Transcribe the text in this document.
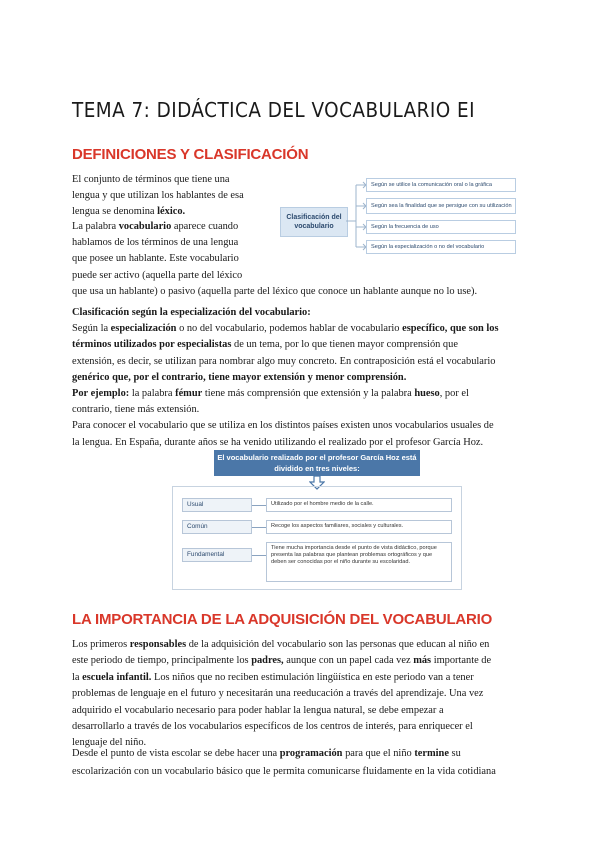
TEMA 7: DIDÁCTICA DEL VOCABULARIO EI
DEFINICIONES Y CLASIFICACIÓN

El conjunto de términos que tiene una
lengua y que utilizan los hablantes de esa
lengua se denomina léxico.

La palabra vocabulario aparece cuando
hablamos de los términos de una lengua
que posee un hablante. Este vocabulario
puede ser activo (aquella parte del léxico
que usa un hablante) o pasivo (aquella parte del léxico que conoce un hablante aunque no lo use).

Clasificación del vocabulario
Según se utilice la comunicación oral o la gráfica
Según sea la finalidad que se persigue con su utilización
Según la frecuencia de uso
Según la especialización o no del vocabulario

Clasificación según la especialización del vocabulario:
Según la especialización o no del vocabulario, podemos hablar de vocabulario específico, que son los
términos utilizados por especialistas de un tema, por lo que tienen mayor comprensión que
extensión, es decir, se utilizan para nombrar algo muy concreto. En contraposición está el vocabulario
genérico que, por el contrario, tiene mayor extensión y menor comprensión.
Por ejemplo: la palabra fémur tiene más comprensión que extensión y la palabra hueso, por el
contrario, tiene más extensión.
Para conocer el vocabulario que se utiliza en los distintos países existen unos vocabularios usuales de
la lengua. En España, durante años se ha venido utilizando el realizado por el profesor García Hoz.

El vocabulario realizado por el profesor García Hoz está dividido en tres niveles:
Usual	Utilizado por el hombre medio de la calle.
Común	Recoge los aspectos familiares, sociales y culturales.
Fundamental
Tiene mucha importancia desde el punto de vista didáctico, porque presenta las palabras que plantean problemas ortográficos y que deben ser conocidas por el niño durante su escolaridad.
LA IMPORTANCIA DE LA ADQUISICIÓN DEL VOCABULARIO

Los primeros responsables de la adquisición del vocabulario son las personas que educan al niño en
este periodo de tiempo, principalmente los padres, aunque con un papel cada vez más importante de
la escuela infantil. Los niños que no reciben estimulación lingüística en este periodo van a tener
problemas de lenguaje en el futuro y necesitarán una reeducación a través del aprendizaje. Una vez
adquirido el vocabulario necesario para poder hablar la lengua natural, se debe empezar a
desarrollarlo a través de los vocabularios específicos de los centros de interés, para enriquecer el
lenguaje del niño.

Desde el punto de vista escolar se debe hacer una programación para que el niño termine su
escolarización con un vocabulario básico que le permita comunicarse fluidamente en la vida cotidiana
